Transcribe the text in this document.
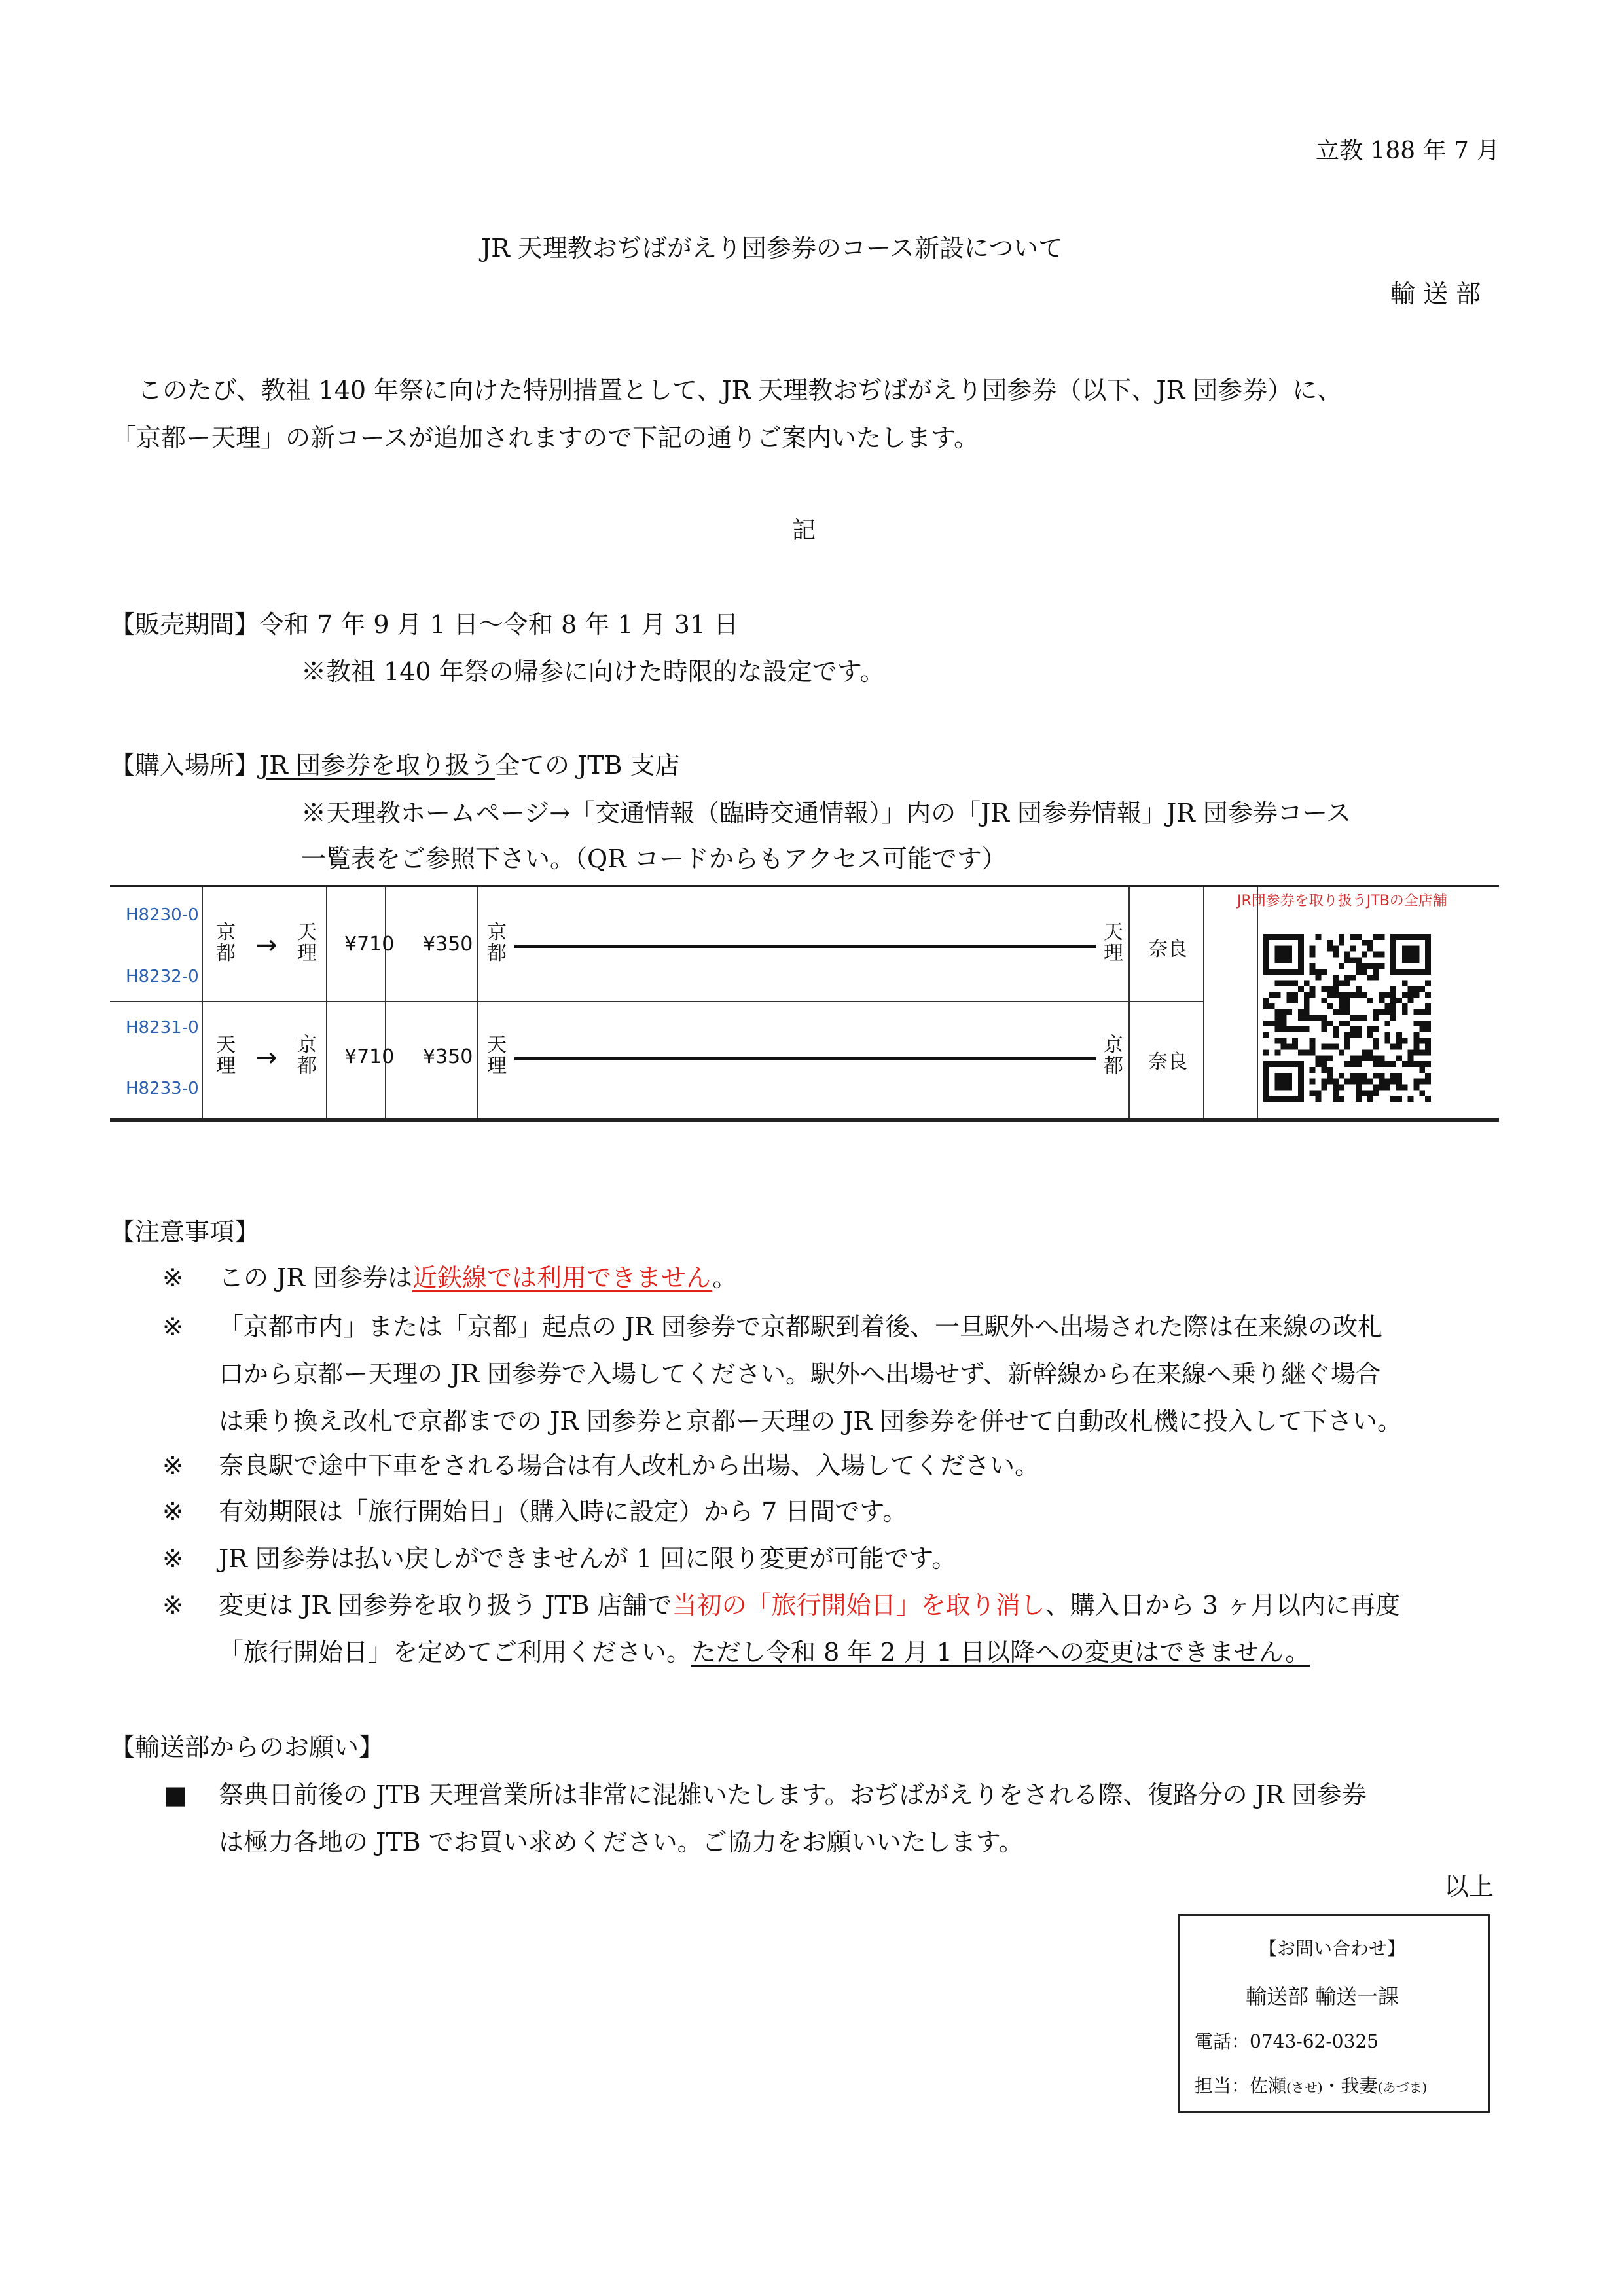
立教 188 年 7 月
JR 天理教おぢばがえり団参券のコース新設について
輸 送 部
このたび、教祖 140 年祭に向けた特別措置として、JR 天理教おぢばがえり団参券（以下、JR 団参券）に、
「京都ー天理」の新コースが追加されますので下記の通りご案内いたします。
記
【販売期間】令和 7 年 9 月 1 日～令和 8 年 1 月 31 日
※教祖 140 年祭の帰参に向けた時限的な設定です。
【購入場所】JR 団参券を取り扱う全ての JTB 支店
※天理教ホームページ→「交通情報（臨時交通情報）」内の「JR 団参券情報」JR 団参券コース
一覧表をご参照下さい。（QR コードからもアクセス可能です）
H8230-0
H8232-0
京
都 → 天
理 ¥710 ¥350
京
都
天
理 奈良
H8231-0
H8233-0
天
理 → 京
都 ¥710 ¥350
天
理
京
都 奈良
JR団参券を取り扱うJTBの全店舗
【注意事項】
※ この JR 団参券は近鉄線では利用できません。
※ 「京都市内」または「京都」起点の JR 団参券で京都駅到着後、一旦駅外へ出場された際は在来線の改札
口から京都ー天理の JR 団参券で入場してください。駅外へ出場せず、新幹線から在来線へ乗り継ぐ場合
は乗り換え改札で京都までの JR 団参券と京都ー天理の JR 団参券を併せて自動改札機に投入して下さい。
※ 奈良駅で途中下車をされる場合は有人改札から出場、入場してください。
※ 有効期限は「旅行開始日」（購入時に設定）から 7 日間です。
※ JR 団参券は払い戻しができませんが 1 回に限り変更が可能です。
※ 変更は JR 団参券を取り扱う JTB 店舗で当初の「旅行開始日」を取り消し、購入日から 3 ヶ月以内に再度
「旅行開始日」を定めてご利用ください。ただし令和 8 年 2 月 1 日以降への変更はできません。
【輸送部からのお願い】
■ 祭典日前後の JTB 天理営業所は非常に混雑いたします。おぢばがえりをされる際、復路分の JR 団参券
は極力各地の JTB でお買い求めください。ご協力をお願いいたします。
以上
【お問い合わせ】
輸送部 輸送一課
電話：0743-62-0325
担当：佐瀬(させ)・我妻(あづま)
